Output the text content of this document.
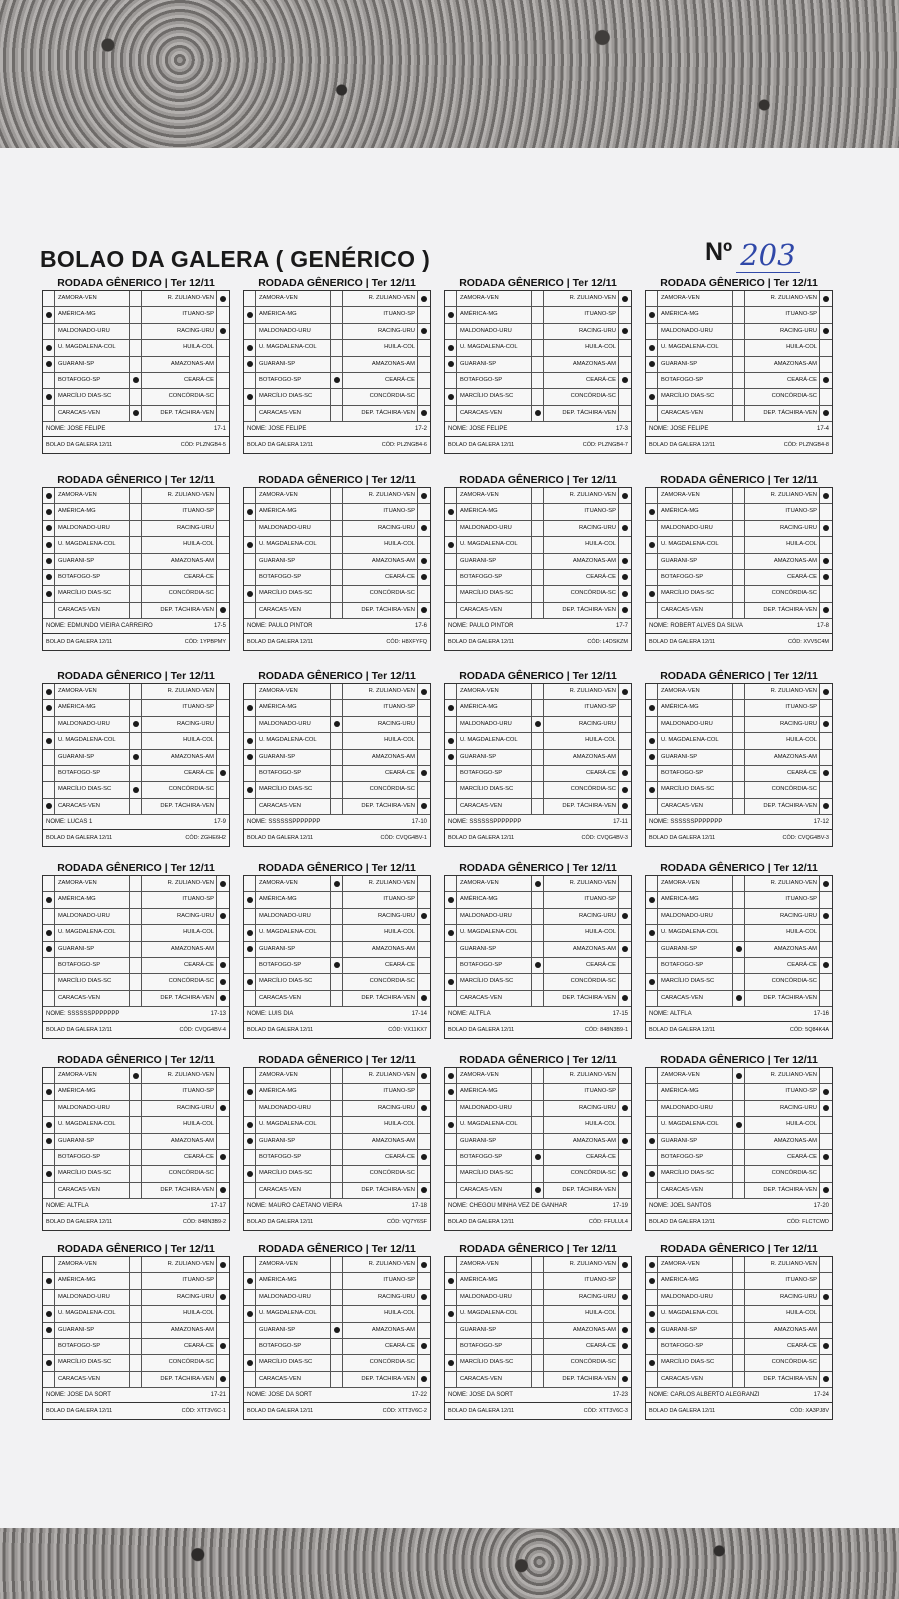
BOLAO DA GALERA ( GENÉRICO )	Nº 203
RODADA GÊNERICO | Ter 12/11
ZAMORA-VEN	R. ZULIANO-VEN
AMÉRICA-MG	ITUANO-SP
MALDONADO-URU	RACING-URU
U. MAGDALENA-COL	HUILA-COL
GUARANI-SP	AMAZONAS-AM
BOTAFOGO-SP	CEARÁ-CE
MARCÍLIO DIAS-SC	CONCÓRDIA-SC
CARACAS-VEN	DEP. TÁCHIRA-VEN
NOME: JOSE FELIPE	17-1
BOLAO DA GALERA 12/11	CÓD: PLZNGB4-5
RODADA GÊNERICO | Ter 12/11
ZAMORA-VEN	R. ZULIANO-VEN
AMÉRICA-MG	ITUANO-SP
MALDONADO-URU	RACING-URU
U. MAGDALENA-COL	HUILA-COL
GUARANI-SP	AMAZONAS-AM
BOTAFOGO-SP	CEARÁ-CE
MARCÍLIO DIAS-SC	CONCÓRDIA-SC
CARACAS-VEN	DEP. TÁCHIRA-VEN
NOME: JOSE FELIPE	17-2
BOLAO DA GALERA 12/11	CÓD: PLZNGB4-6
RODADA GÊNERICO | Ter 12/11
ZAMORA-VEN	R. ZULIANO-VEN
AMÉRICA-MG	ITUANO-SP
MALDONADO-URU	RACING-URU
U. MAGDALENA-COL	HUILA-COL
GUARANI-SP	AMAZONAS-AM
BOTAFOGO-SP	CEARÁ-CE
MARCÍLIO DIAS-SC	CONCÓRDIA-SC
CARACAS-VEN	DEP. TÁCHIRA-VEN
NOME: JOSE FELIPE	17-3
BOLAO DA GALERA 12/11	CÓD: PLZNGB4-7
RODADA GÊNERICO | Ter 12/11
ZAMORA-VEN	R. ZULIANO-VEN
AMÉRICA-MG	ITUANO-SP
MALDONADO-URU	RACING-URU
U. MAGDALENA-COL	HUILA-COL
GUARANI-SP	AMAZONAS-AM
BOTAFOGO-SP	CEARÁ-CE
MARCÍLIO DIAS-SC	CONCÓRDIA-SC
CARACAS-VEN	DEP. TÁCHIRA-VEN
NOME: JOSE FELIPE	17-4
BOLAO DA GALERA 12/11	CÓD: PLZNGB4-8
RODADA GÊNERICO | Ter 12/11
ZAMORA-VEN	R. ZULIANO-VEN
AMÉRICA-MG	ITUANO-SP
MALDONADO-URU	RACING-URU
U. MAGDALENA-COL	HUILA-COL
GUARANI-SP	AMAZONAS-AM
BOTAFOGO-SP	CEARÁ-CE
MARCÍLIO DIAS-SC	CONCÓRDIA-SC
CARACAS-VEN	DEP. TÁCHIRA-VEN
NOME: EDMUNDO VIEIRA CARREIRO	17-5
BOLAO DA GALERA 12/11	CÓD: 1YPBPMY
RODADA GÊNERICO | Ter 12/11
ZAMORA-VEN	R. ZULIANO-VEN
AMÉRICA-MG	ITUANO-SP
MALDONADO-URU	RACING-URU
U. MAGDALENA-COL	HUILA-COL
GUARANI-SP	AMAZONAS-AM
BOTAFOGO-SP	CEARÁ-CE
MARCÍLIO DIAS-SC	CONCÓRDIA-SC
CARACAS-VEN	DEP. TÁCHIRA-VEN
NOME: PAULO PINTOR	17-6
BOLAO DA GALERA 12/11	CÓD: H8XFYFQ
RODADA GÊNERICO | Ter 12/11
ZAMORA-VEN	R. ZULIANO-VEN
AMÉRICA-MG	ITUANO-SP
MALDONADO-URU	RACING-URU
U. MAGDALENA-COL	HUILA-COL
GUARANI-SP	AMAZONAS-AM
BOTAFOGO-SP	CEARÁ-CE
MARCÍLIO DIAS-SC	CONCÓRDIA-SC
CARACAS-VEN	DEP. TÁCHIRA-VEN
NOME: PAULO PINTOR	17-7
BOLAO DA GALERA 12/11	CÓD: L4DSKZM
RODADA GÊNERICO | Ter 12/11
ZAMORA-VEN	R. ZULIANO-VEN
AMÉRICA-MG	ITUANO-SP
MALDONADO-URU	RACING-URU
U. MAGDALENA-COL	HUILA-COL
GUARANI-SP	AMAZONAS-AM
BOTAFOGO-SP	CEARÁ-CE
MARCÍLIO DIAS-SC	CONCÓRDIA-SC
CARACAS-VEN	DEP. TÁCHIRA-VEN
NOME: ROBERT ALVES DA SILVA	17-8
BOLAO DA GALERA 12/11	CÓD: XVV5C4M
RODADA GÊNERICO | Ter 12/11
ZAMORA-VEN	R. ZULIANO-VEN
AMÉRICA-MG	ITUANO-SP
MALDONADO-URU	RACING-URU
U. MAGDALENA-COL	HUILA-COL
GUARANI-SP	AMAZONAS-AM
BOTAFOGO-SP	CEARÁ-CE
MARCÍLIO DIAS-SC	CONCÓRDIA-SC
CARACAS-VEN	DEP. TÁCHIRA-VEN
NOME: LUCAS 1	17-9
BOLAO DA GALERA 12/11	CÓD: ZGHE6H2
RODADA GÊNERICO | Ter 12/11
ZAMORA-VEN	R. ZULIANO-VEN
AMÉRICA-MG	ITUANO-SP
MALDONADO-URU	RACING-URU
U. MAGDALENA-COL	HUILA-COL
GUARANI-SP	AMAZONAS-AM
BOTAFOGO-SP	CEARÁ-CE
MARCÍLIO DIAS-SC	CONCÓRDIA-SC
CARACAS-VEN	DEP. TÁCHIRA-VEN
NOME: SSSSSSPPPPPPP	17-10
BOLAO DA GALERA 12/11	CÓD: CVQG4BV-1
RODADA GÊNERICO | Ter 12/11
ZAMORA-VEN	R. ZULIANO-VEN
AMÉRICA-MG	ITUANO-SP
MALDONADO-URU	RACING-URU
U. MAGDALENA-COL	HUILA-COL
GUARANI-SP	AMAZONAS-AM
BOTAFOGO-SP	CEARÁ-CE
MARCÍLIO DIAS-SC	CONCÓRDIA-SC
CARACAS-VEN	DEP. TÁCHIRA-VEN
NOME: SSSSSSPPPPPPP	17-11
BOLAO DA GALERA 12/11	CÓD: CVQG4BV-3
RODADA GÊNERICO | Ter 12/11
ZAMORA-VEN	R. ZULIANO-VEN
AMÉRICA-MG	ITUANO-SP
MALDONADO-URU	RACING-URU
U. MAGDALENA-COL	HUILA-COL
GUARANI-SP	AMAZONAS-AM
BOTAFOGO-SP	CEARÁ-CE
MARCÍLIO DIAS-SC	CONCÓRDIA-SC
CARACAS-VEN	DEP. TÁCHIRA-VEN
NOME: SSSSSSPPPPPPP	17-12
BOLAO DA GALERA 12/11	CÓD: CVQG4BV-3
RODADA GÊNERICO | Ter 12/11
ZAMORA-VEN	R. ZULIANO-VEN
AMÉRICA-MG	ITUANO-SP
MALDONADO-URU	RACING-URU
U. MAGDALENA-COL	HUILA-COL
GUARANI-SP	AMAZONAS-AM
BOTAFOGO-SP	CEARÁ-CE
MARCÍLIO DIAS-SC	CONCÓRDIA-SC
CARACAS-VEN	DEP. TÁCHIRA-VEN
NOME: SSSSSSPPPPPPP	17-13
BOLAO DA GALERA 12/11	CÓD: CVQG4BV-4
RODADA GÊNERICO | Ter 12/11
ZAMORA-VEN	R. ZULIANO-VEN
AMÉRICA-MG	ITUANO-SP
MALDONADO-URU	RACING-URU
U. MAGDALENA-COL	HUILA-COL
GUARANI-SP	AMAZONAS-AM
BOTAFOGO-SP	CEARÁ-CE
MARCÍLIO DIAS-SC	CONCÓRDIA-SC
CARACAS-VEN	DEP. TÁCHIRA-VEN
NOME: LUIS DIA	17-14
BOLAO DA GALERA 12/11	CÓD: VX11KX7
RODADA GÊNERICO | Ter 12/11
ZAMORA-VEN	R. ZULIANO-VEN
AMÉRICA-MG	ITUANO-SP
MALDONADO-URU	RACING-URU
U. MAGDALENA-COL	HUILA-COL
GUARANI-SP	AMAZONAS-AM
BOTAFOGO-SP	CEARÁ-CE
MARCÍLIO DIAS-SC	CONCÓRDIA-SC
CARACAS-VEN	DEP. TÁCHIRA-VEN
NOME: ALTFLA	17-15
BOLAO DA GALERA 12/11	CÓD: 848N3B9-1
RODADA GÊNERICO | Ter 12/11
ZAMORA-VEN	R. ZULIANO-VEN
AMÉRICA-MG	ITUANO-SP
MALDONADO-URU	RACING-URU
U. MAGDALENA-COL	HUILA-COL
GUARANI-SP	AMAZONAS-AM
BOTAFOGO-SP	CEARÁ-CE
MARCÍLIO DIAS-SC	CONCÓRDIA-SC
CARACAS-VEN	DEP. TÁCHIRA-VEN
NOME: ALTFLA	17-16
BOLAO DA GALERA 12/11	CÓD: 5Q84K4A
RODADA GÊNERICO | Ter 12/11
ZAMORA-VEN	R. ZULIANO-VEN
AMÉRICA-MG	ITUANO-SP
MALDONADO-URU	RACING-URU
U. MAGDALENA-COL	HUILA-COL
GUARANI-SP	AMAZONAS-AM
BOTAFOGO-SP	CEARÁ-CE
MARCÍLIO DIAS-SC	CONCÓRDIA-SC
CARACAS-VEN	DEP. TÁCHIRA-VEN
NOME: ALTFLA	17-17
BOLAO DA GALERA 12/11	CÓD: 848N3B9-2
RODADA GÊNERICO | Ter 12/11
ZAMORA-VEN	R. ZULIANO-VEN
AMÉRICA-MG	ITUANO-SP
MALDONADO-URU	RACING-URU
U. MAGDALENA-COL	HUILA-COL
GUARANI-SP	AMAZONAS-AM
BOTAFOGO-SP	CEARÁ-CE
MARCÍLIO DIAS-SC	CONCÓRDIA-SC
CARACAS-VEN	DEP. TÁCHIRA-VEN
NOME: MAURO CAETANO VIEIRA	17-18
BOLAO DA GALERA 12/11	CÓD: VQ7Y6SF
RODADA GÊNERICO | Ter 12/11
ZAMORA-VEN	R. ZULIANO-VEN
AMÉRICA-MG	ITUANO-SP
MALDONADO-URU	RACING-URU
U. MAGDALENA-COL	HUILA-COL
GUARANI-SP	AMAZONAS-AM
BOTAFOGO-SP	CEARÁ-CE
MARCÍLIO DIAS-SC	CONCÓRDIA-SC
CARACAS-VEN	DEP. TÁCHIRA-VEN
NOME: CHEGOU MINHA VEZ DE GANHAR	17-19
BOLAO DA GALERA 12/11	CÓD: FFULUL4
RODADA GÊNERICO | Ter 12/11
ZAMORA-VEN	R. ZULIANO-VEN
AMÉRICA-MG	ITUANO-SP
MALDONADO-URU	RACING-URU
U. MAGDALENA-COL	HUILA-COL
GUARANI-SP	AMAZONAS-AM
BOTAFOGO-SP	CEARÁ-CE
MARCÍLIO DIAS-SC	CONCÓRDIA-SC
CARACAS-VEN	DEP. TÁCHIRA-VEN
NOME: JOEL SANTOS	17-20
BOLAO DA GALERA 12/11	CÓD: FLCTCWD
RODADA GÊNERICO | Ter 12/11
ZAMORA-VEN	R. ZULIANO-VEN
AMÉRICA-MG	ITUANO-SP
MALDONADO-URU	RACING-URU
U. MAGDALENA-COL	HUILA-COL
GUARANI-SP	AMAZONAS-AM
BOTAFOGO-SP	CEARÁ-CE
MARCÍLIO DIAS-SC	CONCÓRDIA-SC
CARACAS-VEN	DEP. TÁCHIRA-VEN
NOME: JOSE DA SORT	17-21
BOLAO DA GALERA 12/11	CÓD: XTT3V6C-1
RODADA GÊNERICO | Ter 12/11
ZAMORA-VEN	R. ZULIANO-VEN
AMÉRICA-MG	ITUANO-SP
MALDONADO-URU	RACING-URU
U. MAGDALENA-COL	HUILA-COL
GUARANI-SP	AMAZONAS-AM
BOTAFOGO-SP	CEARÁ-CE
MARCÍLIO DIAS-SC	CONCÓRDIA-SC
CARACAS-VEN	DEP. TÁCHIRA-VEN
NOME: JOSE DA SORT	17-22
BOLAO DA GALERA 12/11	CÓD: XTT3V6C-2
RODADA GÊNERICO | Ter 12/11
ZAMORA-VEN	R. ZULIANO-VEN
AMÉRICA-MG	ITUANO-SP
MALDONADO-URU	RACING-URU
U. MAGDALENA-COL	HUILA-COL
GUARANI-SP	AMAZONAS-AM
BOTAFOGO-SP	CEARÁ-CE
MARCÍLIO DIAS-SC	CONCÓRDIA-SC
CARACAS-VEN	DEP. TÁCHIRA-VEN
NOME: JOSE DA SORT	17-23
BOLAO DA GALERA 12/11	CÓD: XTT3V6C-3
RODADA GÊNERICO | Ter 12/11
ZAMORA-VEN	R. ZULIANO-VEN
AMÉRICA-MG	ITUANO-SP
MALDONADO-URU	RACING-URU
U. MAGDALENA-COL	HUILA-COL
GUARANI-SP	AMAZONAS-AM
BOTAFOGO-SP	CEARÁ-CE
MARCÍLIO DIAS-SC	CONCÓRDIA-SC
CARACAS-VEN	DEP. TÁCHIRA-VEN
NOME: CARLOS ALBERTO ALEGRANZI	17-24
BOLAO DA GALERA 12/11	CÓD: XA3PJ8V
